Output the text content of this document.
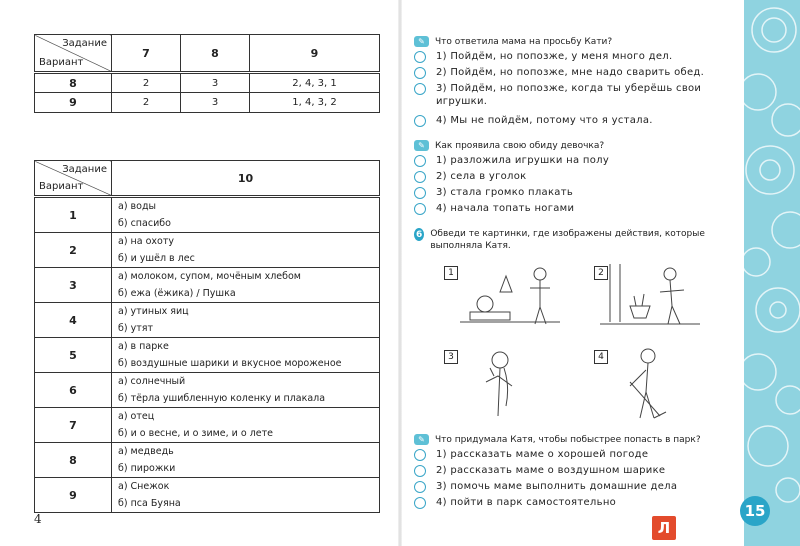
Задание
Вариант	7	8	9
8	2	3	2, 4, 3, 1
9	2	3	1, 4, 3, 2
Задание
Вариант	10
1	а) воды
	б) спасибо
2	а) на охоту
	б) и ушёл в лес
3	а) молоком, супом, мочёным хлебом
	б) ежа (ёжика) / Пушка
4	а) утиных яиц
	б) утят
5	а) в парке
	б) воздушные шарики и вкусное мороженое
6	а) солнечный
	б) тёрла ушибленную коленку и плакала
7	а) отец
	б) и о весне, и о зиме, и о лете
8	а) медведь
	б) пирожки
9	а) Снежок
	б) пса Буяна
4
✎	Что ответила мама на просьбу Кати?
1) Пойдём, но попозже, у меня много дел.
2) Пойдём, но попозже, мне надо сварить обед.
3) Пойдём, но попозже, когда ты уберёшь свои игрушки.
4) Мы не пойдём, потому что я устала.
✎	Как проявила свою обиду девочка?
1) разложила игрушки на полу
2) села в уголок
3) стала громко плакать
4) начала топать ногами
6 Обведи те картинки, где изображены действия, которые выполняла Катя.
1	2
3	4
✎	Что придумала Катя, чтобы побыстрее попасть в парк?
1) рассказать маме о хорошей погоде
2) рассказать маме о воздушном шарике
3) помочь маме выполнить домашние дела
4) пойти в парк самостоятельно	15
Л
